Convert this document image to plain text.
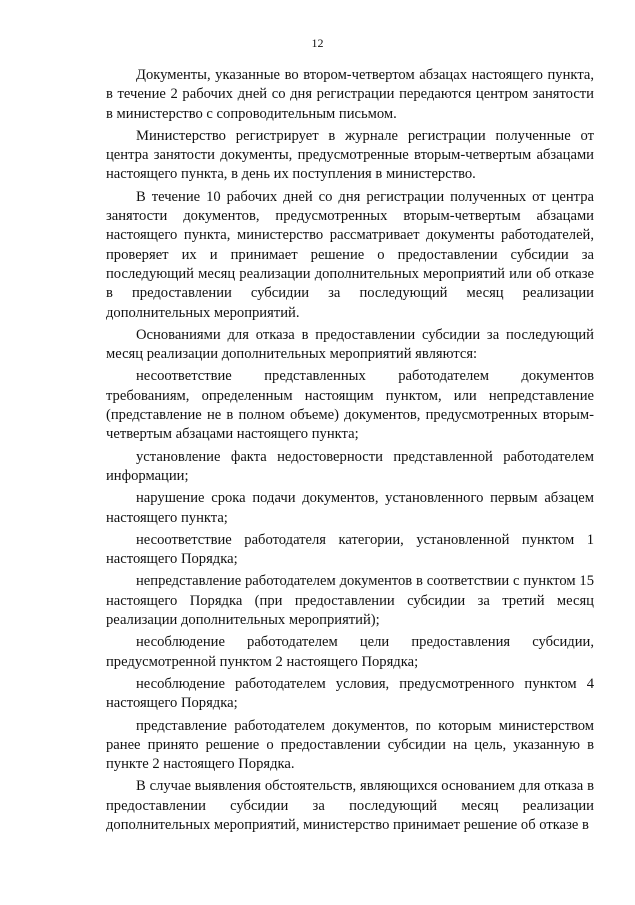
12

Документы, указанные во втором-четвертом абзацах настоящего пункта, в течение 2 рабочих дней со дня регистрации передаются центром занятости в министерство с сопроводительным письмом.

Министерство регистрирует в журнале регистрации полученные от центра занятости документы, предусмотренные вторым-четвертым абзацами настоящего пункта, в день их поступления в министерство.

В течение 10 рабочих дней со дня регистрации полученных от центра занятости документов, предусмотренных вторым-четвертым абзацами настоящего пункта, министерство рассматривает документы работодателей, проверяет их и принимает решение о предоставлении субсидии за последующий месяц реализации дополнительных мероприятий или об отказе в предоставлении субсидии за последующий месяц реализации дополнительных мероприятий.

Основаниями для отказа в предоставлении субсидии за последующий месяц реализации дополнительных мероприятий являются:

несоответствие представленных работодателем документов требованиям, определенным настоящим пунктом, или непредставление (представление не в полном объеме) документов, предусмотренных вторым-четвертым абзацами настоящего пункта;

установление факта недостоверности представленной работодателем информации;

нарушение срока подачи документов, установленного первым абзацем настоящего пункта;

несоответствие работодателя категории, установленной пунктом 1 настоящего Порядка;

непредставление работодателем документов в соответствии с пунктом 15 настоящего Порядка (при предоставлении субсидии за третий месяц реализации дополнительных мероприятий);

несоблюдение работодателем цели предоставления субсидии, предусмотренной пунктом 2 настоящего Порядка;

несоблюдение работодателем условия, предусмотренного пунктом 4 настоящего Порядка;

представление работодателем документов, по которым министерством ранее принято решение о предоставлении субсидии на цель, указанную в пункте 2 настоящего Порядка.

В случае выявления обстоятельств, являющихся основанием для отказа в предоставлении субсидии за последующий месяц реализации дополнительных мероприятий, министерство принимает решение об отказе в
